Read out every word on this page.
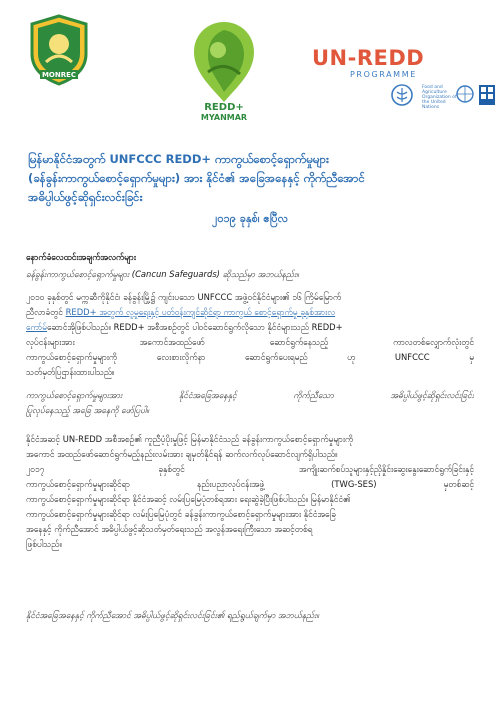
MONREC
REDD+
MYANMAR
UN-REDD
PROGRAMME
Food and Agriculture Organization of the United Nations
မြန်မာနိုင်ငံအတွက် UNFCCC REDD+ ကာကွယ်စောင့်ရှောက်မှုများ
(ခန်ခွန်းကာကွယ်စောင့်ရှောက်မှုများ) အား နိုင်ငံ၏ အခြေအနေနှင့် ကိုက်ညီအောင်
အဓိပ္ပါယ်ဖွင့်ဆိုရှင်းလင်းခြင်း
၂၀၁၉ ခုနှစ်၊ ဧပြီလ
နောက်ခံလေထင်းအချက်အလက်များ
ခန်ခွန်းကာကွယ်စောင့်ရှောက်မှုများ (Cancun Safeguards) ဆိုသည်မှာ အဘယ်နည်း။
၂၀၁၀ ခုနှစ်တွင် မက္ကဆီကိုနိုင်ငံ၊ ခန်ခွန်းမြို့၌ ကျင်းပသော UNFCCC အဖွဲ့ဝင်နိုင်ငံများ၏ ၁၆ ကြိမ်မြောက်
ညီလာခံတွင် REDD+ အတွက် လူမှုရေးနှင့် ပတ်ဝန်းကျင်ဆိုင်ရာ ကာကွယ် စောင့်ရှောက်မှု ခုနှစ်အားလ
ကော်မ်ဆောင်အိုဖြစ်ပါသည်။ REDD+ အစီအစဥ်တွင် ပါဝင်ဆောင်ရွက်လိုသော နိုင်ငံများသည် REDD+
လုပ်ငန်းများအား	အကောင်အထည်ဖော်	ဆောင်ရွက်နေသည့်	ကာလတစ်လျှောက်လုံးတွင်
ကာကွယ်စောင့်ရှောက်မှုများကို	လေးစားလိုက်နာ	ဆောင်ရွက်ပေးရမည်	ဟု	UNFCCC	မှ
သတ်မှတ်ပြဌာန်းထားပါသည်။
ကာကွယ်စောင့်ရှောက်မှုများအား	နိုင်ငံအခြေအနေနှင့်	ကိုက်ညီသော	အဓိပ္ပါယ်ဖွင့်ဆိုရှင်းလင်းခြင်း
ပြုလုပ်နေသည့် အခြေ အနေကို ဖော်ပြပါ။
နိုင်ငံအဆင့် UN-REDD အစီအစဥ်၏ ကူညီပံ့ပိုးမှုဖြင့် မြန်မာနိုင်ငံသည် ခန်ခွန်းကာကွယ်စောင့်ရှောက်မှုများကို
အကောင် အထည်ဖော်ဆောင်ရွက်မည့်နည်းလမ်းအား ချမှတ်နိုင်ရန် ဆက်လက်လုပ်ဆောင်လျက်ရှိပါသည်။
၂၀၁၇	ခုနှစ်တွင်	အကျိုးဆက်စပ်သူများနှင့်ညှိနှိုင်းဆွေးနွေးဆောင်ရွက်ခြင်းနှင့်
ကာကွယ်စောင့်ရှောက်မှုများဆိုင်ရာ	နည်းပညာလုပ်ငန်းအဖွဲ့	(TWG-SES)	မှတစ်ဆင့်
ကာကွယ်စောင့်ရှောက်မှုများဆိုင်ရာ နိုင်ငံအဆင့် လမ်းပြမြေပုံတစ်ရအား ရေးဆွဲခဲ့ပြီးဖြစ်ပါသည်။ မြန်မာနိုင်ငံ၏
ကာကွယ်စောင့်ရှောက်မှုများဆိုင်ရာ လမ်းပြမြေပုံတွင် ခန်ခွန်းကာကွယ်စောင့်ရှောက်မှုများအား နိုင်ငံအခြေ
အနေနှင့် ကိုက်ညီအောင် အဓိပ္ပါယ်ဖွင့်ဆိုသတ်မှတ်ရေးသည် အလွန်အရေးကြီးသော အဆင့်တစ်ရ
ဖြစ်ပါသည်။
နိုင်ငံအခြေအနေနှင့် ကိုက်ညီအောင် အဓိပ္ပါယ်ဖွင့်ဆိုရှင်းလင်းခြင်း၏ ရည်ရွယ်ချက်မှာ အဘယ်နည်း။
